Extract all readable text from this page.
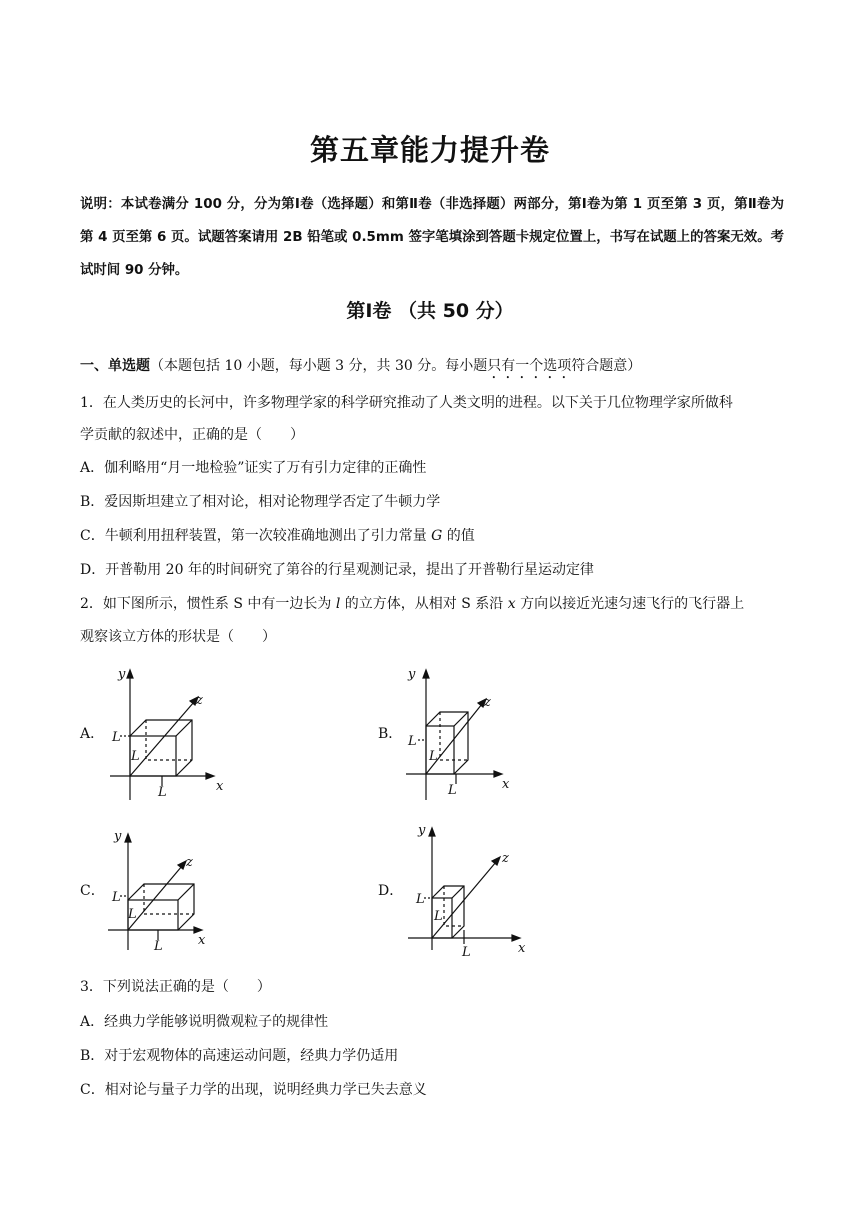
第五章能力提升卷
说明：本试卷满分 100 分，分为第Ⅰ卷（选择题）和第Ⅱ卷（非选择题）两部分，第Ⅰ卷为第 1 页至第 3 页，第Ⅱ卷为第 4 页至第 6 页。试题答案请用 2B 铅笔或 0.5mm 签字笔填涂到答题卡规定位置上，书写在试题上的答案无效。考试时间 90 分钟。
第Ⅰ卷 （共 50 分）
一、单选题（本题包括 10 小题，每小题 3 分，共 30 分。每小题只有一个选项符合题意）
1．在人类历史的长河中，许多物理学家的科学研究推动了人类文明的进程。以下关于几位物理学家所做科
学贡献的叙述中，正确的是（　　）
A．伽利略用“月一地检验”证实了万有引力定律的正确性
B．爱因斯坦建立了相对论，相对论物理学否定了牛顿力学
C．牛顿利用扭秤装置，第一次较准确地测出了引力常量 G 的值
D．开普勒用 20 年的时间研究了第谷的行星观测记录，提出了开普勒行星运动定律
2．如下图所示，惯性系 S 中有一边长为 l 的立方体，从相对 S 系沿 x 方向以接近光速匀速飞行的飞行器上
观察该立方体的形状是（　　）
A．	B．
C．	D．
y
x
z
L
L
L
y
x
z
L
L
L
y
x
z
L
L
L
y
x
z
L
L
L
3．下列说法正确的是（　　）
A．经典力学能够说明微观粒子的规律性
B．对于宏观物体的高速运动问题，经典力学仍适用
C．相对论与量子力学的出现，说明经典力学已失去意义
